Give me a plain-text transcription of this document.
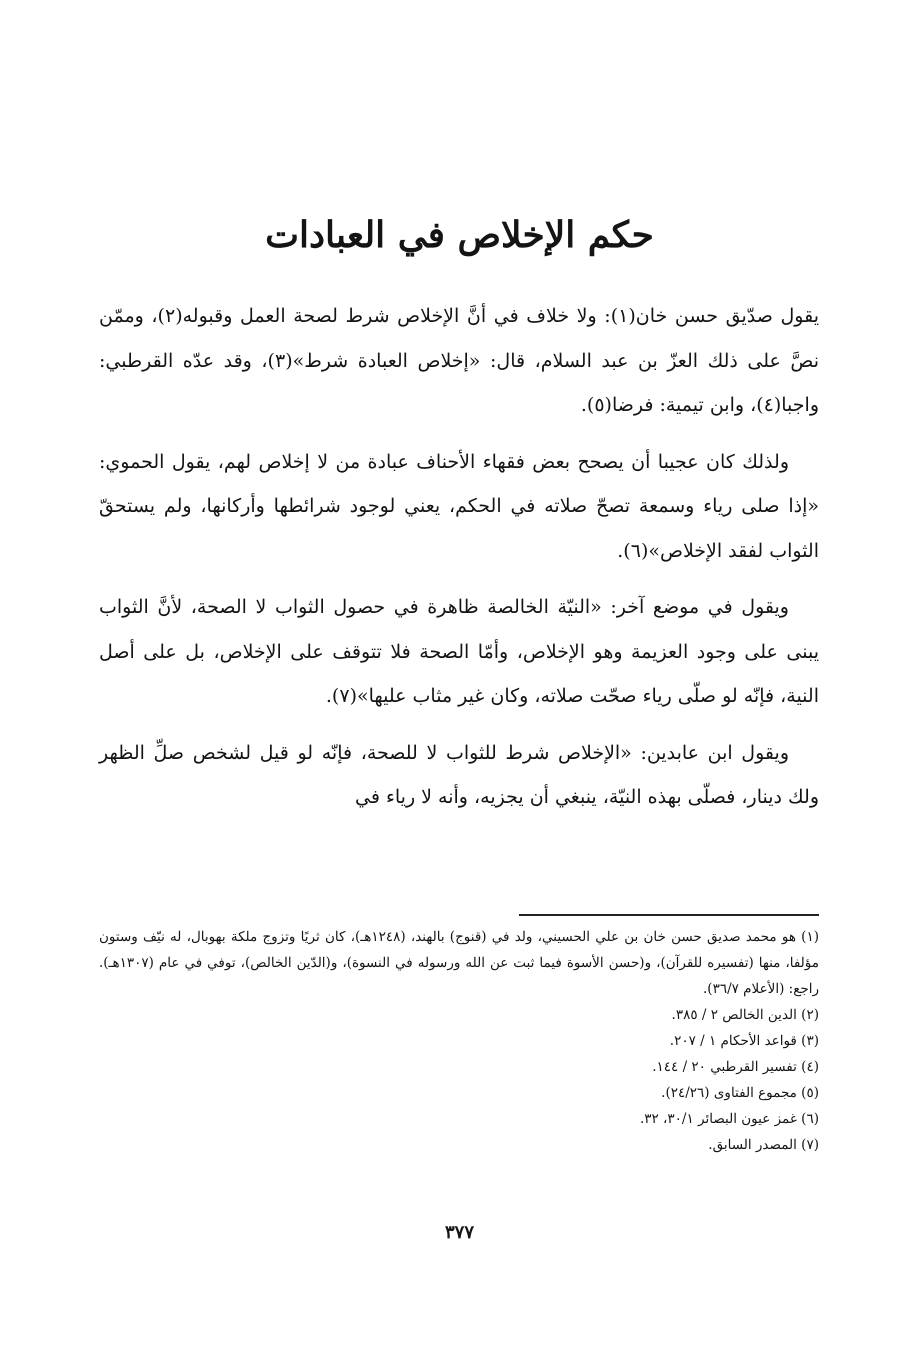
حكم الإخلاص في العبادات

يقول صدّيق حسن خان(١): ولا خلاف في أنَّ الإخلاص شرط لصحة العمل وقبوله(٢)، وممّن نصَّ على ذلك العزّ بن عبد السلام، قال: «إخلاص العبادة شرط»(٣)، وقد عدّه القرطبي: واجبا(٤)، وابن تيمية: فرضا(٥).

ولذلك كان عجيبا أن يصحح بعض فقهاء الأحناف عبادة من لا إخلاص لهم، يقول الحموي: «إذا صلى رياء وسمعة تصحّ صلاته في الحكم، يعني لوجود شرائطها وأركانها، ولم يستحقّ الثواب لفقد الإخلاص»(٦).

ويقول في موضع آخر: «النيّة الخالصة ظاهرة في حصول الثواب لا الصحة، لأنَّ الثواب يبنى على وجود العزيمة وهو الإخلاص، وأمّا الصحة فلا تتوقف على الإخلاص، بل على أصل النية، فإنّه لو صلّى رياء صحّت صلاته، وكان غير مثاب عليها»(٧).

ويقول ابن عابدين: «الإخلاص شرط للثواب لا للصحة، فإنّه لو قيل لشخص صلِّ الظهر ولك دينار، فصلّى بهذه النيّة، ينبغي أن يجزيه، وأنه لا رياء في

(١) هو محمد صديق حسن خان بن علي الحسيني، ولد في (قنوج) بالهند، (١٢٤٨هـ)، كان ثريًا وتزوج ملكة بهوبال، له نيّف وستون مؤلفا، منها (تفسيره للقرآن)، و(حسن الأسوة فيما ثبت عن الله ورسوله في النسوة)، و(الدّين الخالص)، توفي في عام (١٣٠٧هـ). راجع: (الأعلام ٣٦/٧).

(٢) الدين الخالص ٢ / ٣٨٥.

(٣) قواعد الأحكام ١ / ٢٠٧.

(٤) تفسير القرطبي ٢٠ / ١٤٤.

(٥) مجموع الفتاوى (٢٤/٢٦).

(٦) غمز عيون البصائر ٣٠/١، ٣٢.

(٧) المصدر السابق.

٣٧٧
